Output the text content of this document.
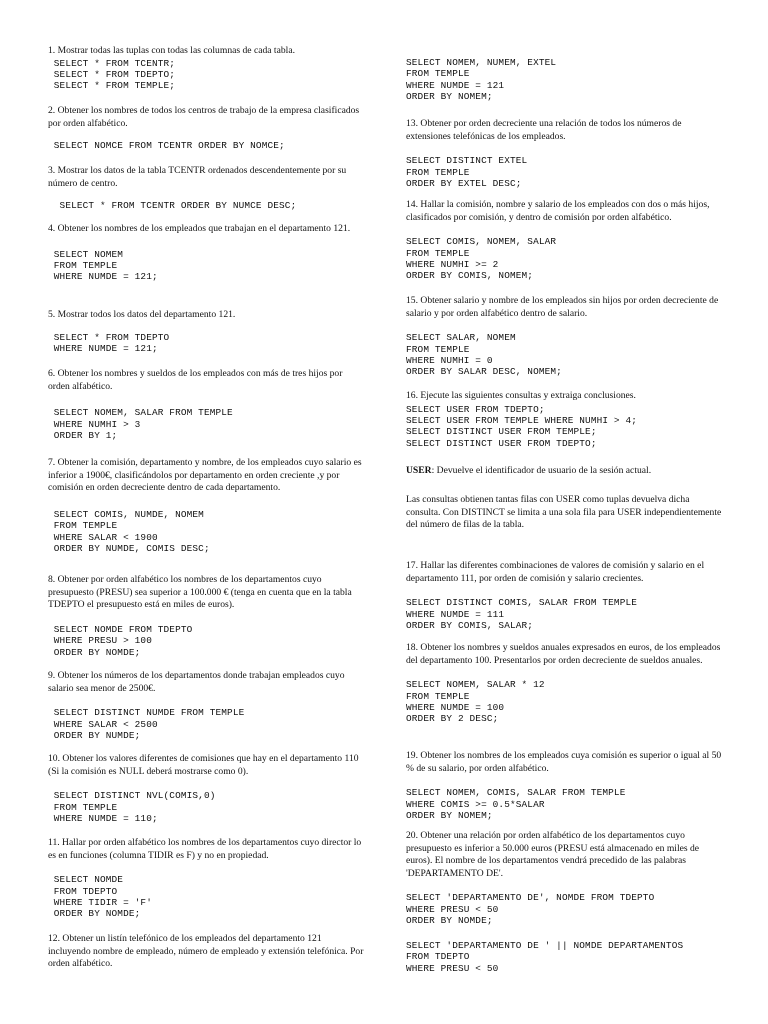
1. Mostrar todas las tuplas con todas las columnas de cada tabla.

SELECT * FROM TCENTR;
SELECT * FROM TDEPTO;
SELECT * FROM TEMPLE;

2. Obtener los nombres de todos los centros de trabajo de la empresa clasificados por orden alfabético.

SELECT NOMCE FROM TCENTR ORDER BY NOMCE;

3. Mostrar los datos de la tabla TCENTR ordenados descendentemente por su número de centro.

SELECT * FROM TCENTR ORDER BY NUMCE DESC;

4. Obtener los nombres de los empleados que trabajan en el departamento 121.

SELECT NOMEM
FROM TEMPLE
WHERE NUMDE = 121;

5. Mostrar todos los datos del departamento 121.

SELECT * FROM TDEPTO
WHERE NUMDE = 121;

6. Obtener los nombres y sueldos de los empleados con más de tres hijos por orden alfabético.

SELECT NOMEM, SALAR FROM TEMPLE
WHERE NUMHI > 3
ORDER BY 1;

7. Obtener la comisión, departamento y nombre, de los empleados cuyo salario es inferior a 1900€, clasificándolos por departamento en orden creciente ,y por comisión en orden decreciente dentro de cada departamento.

SELECT COMIS, NUMDE, NOMEM
FROM TEMPLE
WHERE SALAR < 1900
ORDER BY NUMDE, COMIS DESC;

8. Obtener por orden alfabético los nombres de los departamentos cuyo presupuesto (PRESU) sea superior a 100.000 € (tenga en cuenta que en la tabla TDEPTO el presupuesto está en miles de euros).

SELECT NOMDE FROM TDEPTO
WHERE PRESU > 100
ORDER BY NOMDE;

9. Obtener los números de los departamentos donde trabajan empleados cuyo salario sea menor de 2500€.

SELECT DISTINCT NUMDE FROM TEMPLE
WHERE SALAR < 2500
ORDER BY NUMDE;

10. Obtener los valores diferentes de comisiones que hay en el departamento 110 (Si la comisión es NULL deberá mostrarse como 0).

SELECT DISTINCT NVL(COMIS,0)
FROM TEMPLE
WHERE NUMDE = 110;

11. Hallar por orden alfabético los nombres de los departamentos cuyo director lo es en funciones (columna TIDIR es F) y no en propiedad.

SELECT NOMDE
FROM TDEPTO
WHERE TIDIR = 'F'
ORDER BY NOMDE;

12. Obtener un listín telefónico de los empleados del departamento 121 incluyendo nombre de empleado, número de empleado y extensión telefónica. Por orden alfabético.

SELECT NOMEM, NUMEM, EXTEL
FROM TEMPLE
WHERE NUMDE = 121
ORDER BY NOMEM;

13. Obtener por orden decreciente una relación de todos los números de extensiones telefónicas de los empleados.

SELECT DISTINCT EXTEL
FROM TEMPLE
ORDER BY EXTEL DESC;

14. Hallar la comisión, nombre y salario de los empleados con dos o más hijos, clasificados por comisión, y dentro de comisión por orden alfabético.

SELECT COMIS, NOMEM, SALAR
FROM TEMPLE
WHERE NUMHI >= 2
ORDER BY COMIS, NOMEM;

15. Obtener salario y nombre de los empleados sin hijos por orden decreciente de salario y por orden alfabético dentro de salario.

SELECT SALAR, NOMEM
FROM TEMPLE
WHERE NUMHI = 0
ORDER BY SALAR DESC, NOMEM;

16. Ejecute las siguientes consultas y extraiga conclusiones.

SELECT USER FROM TDEPTO;
SELECT USER FROM TEMPLE WHERE NUMHI > 4;
SELECT DISTINCT USER FROM TEMPLE;
SELECT DISTINCT USER FROM TDEPTO;

USER: Devuelve el identificador de usuario de la sesión actual.

Las consultas obtienen tantas filas con USER como tuplas devuelva dicha consulta. Con DISTINCT se limita a una sola fila para USER independientemente del número de filas de la tabla.

17. Hallar las diferentes combinaciones de valores de comisión y salario en el departamento 111, por orden de comisión y salario crecientes.

SELECT DISTINCT COMIS, SALAR FROM TEMPLE
WHERE NUMDE = 111
ORDER BY COMIS, SALAR;

18. Obtener los nombres y sueldos anuales expresados en euros, de los empleados del departamento 100. Presentarlos por orden decreciente de sueldos anuales.

SELECT NOMEM, SALAR * 12
FROM TEMPLE
WHERE NUMDE = 100
ORDER BY 2 DESC;

19. Obtener los nombres de los empleados cuya comisión es superior o igual al 50 % de su salario, por orden alfabético.

SELECT NOMEM, COMIS, SALAR FROM TEMPLE
WHERE COMIS >= 0.5*SALAR
ORDER BY NOMEM;

20. Obtener una relación por orden alfabético de los departamentos cuyo presupuesto es inferior a 50.000 euros (PRESU está almacenado en miles de euros). El nombre de los departamentos vendrá precedido de las palabras 'DEPARTAMENTO DE'.

SELECT 'DEPARTAMENTO DE', NOMDE FROM TDEPTO
WHERE PRESU < 50
ORDER BY NOMDE;
SELECT 'DEPARTAMENTO DE ' || NOMDE DEPARTAMENTOS
FROM TDEPTO
WHERE PRESU < 50
